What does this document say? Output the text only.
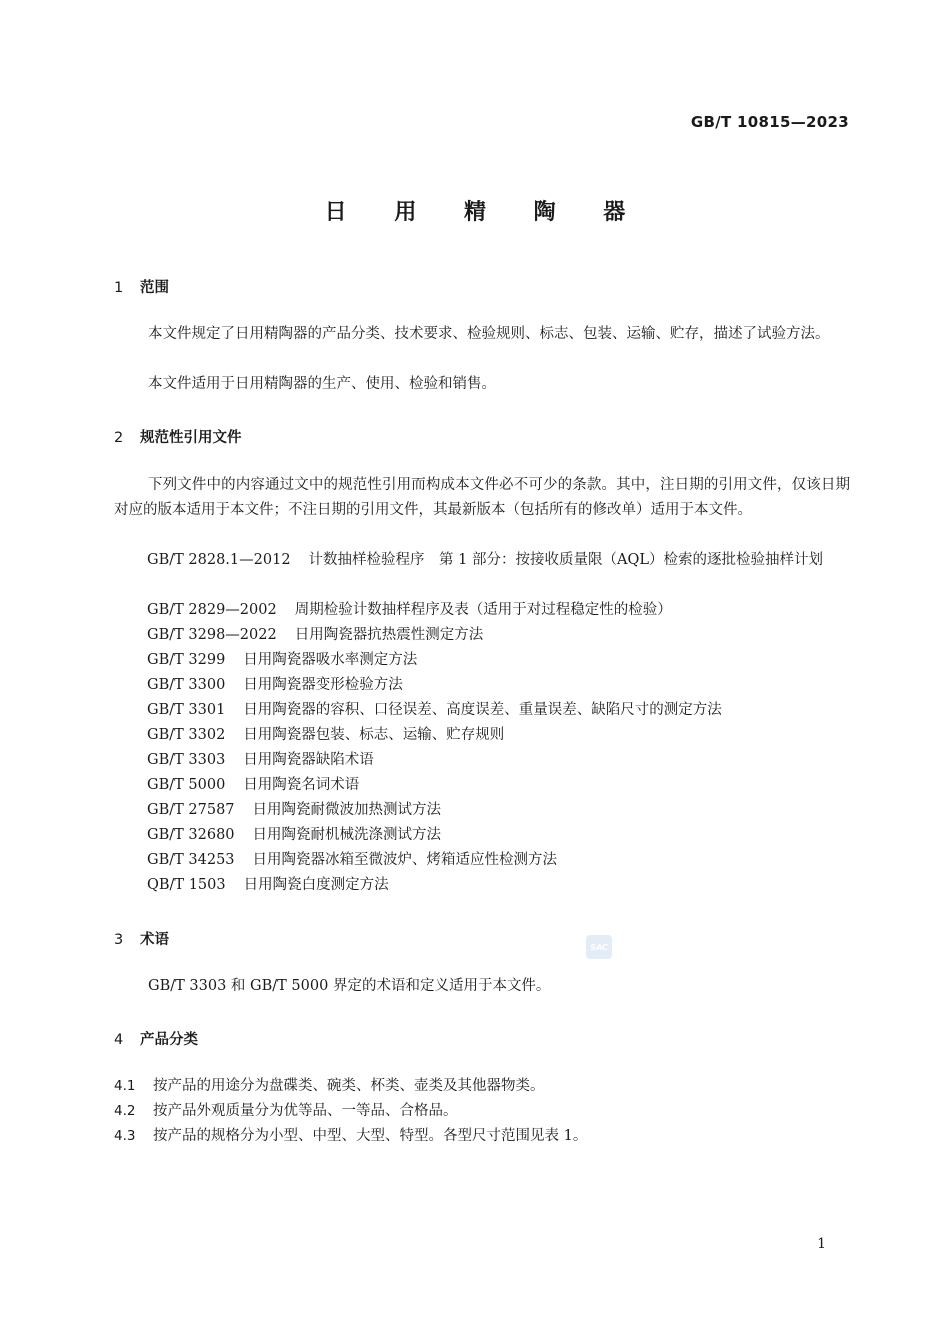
GB/T 10815—2023
日 用 精 陶 器
1	范围

本文件规定了日用精陶器的产品分类、技术要求、检验规则、标志、包装、运输、贮存，描述了试验方法。

本文件适用于日用精陶器的生产、使用、检验和销售。

2	规范性引用文件

下列文件中的内容通过文中的规范性引用而构成本文件必不可少的条款。其中，注日期的引用文件，仅该日期对应的版本适用于本文件；不注日期的引用文件，其最新版本（包括所有的修改单）适用于本文件。

GB/T 2828.1—2012 计数抽样检验程序　第 1 部分：按接收质量限（AQL）检索的逐批检验抽样计划

GB/T 2829—2002 周期检验计数抽样程序及表（适用于对过程稳定性的检验）

GB/T 3298—2022 日用陶瓷器抗热震性测定方法

GB/T 3299 日用陶瓷器吸水率测定方法

GB/T 3300 日用陶瓷器变形检验方法

GB/T 3301 日用陶瓷器的容积、口径误差、高度误差、重量误差、缺陷尺寸的测定方法

GB/T 3302 日用陶瓷器包装、标志、运输、贮存规则

GB/T 3303 日用陶瓷器缺陷术语

GB/T 5000 日用陶瓷名词术语

GB/T 27587 日用陶瓷耐微波加热测试方法

GB/T 32680 日用陶瓷耐机械洗涤测试方法

GB/T 34253 日用陶瓷器冰箱至微波炉、烤箱适应性检测方法

QB/T 1503 日用陶瓷白度测定方法

3	术语	SAC

GB/T 3303 和 GB/T 5000 界定的术语和定义适用于本文件。

4	产品分类
4.1	按产品的用途分为盘碟类、碗类、杯类、壶类及其他器物类。
4.2	按产品外观质量分为优等品、一等品、合格品。
4.3	按产品的规格分为小型、中型、大型、特型。各型尺寸范围见表 1。
1
